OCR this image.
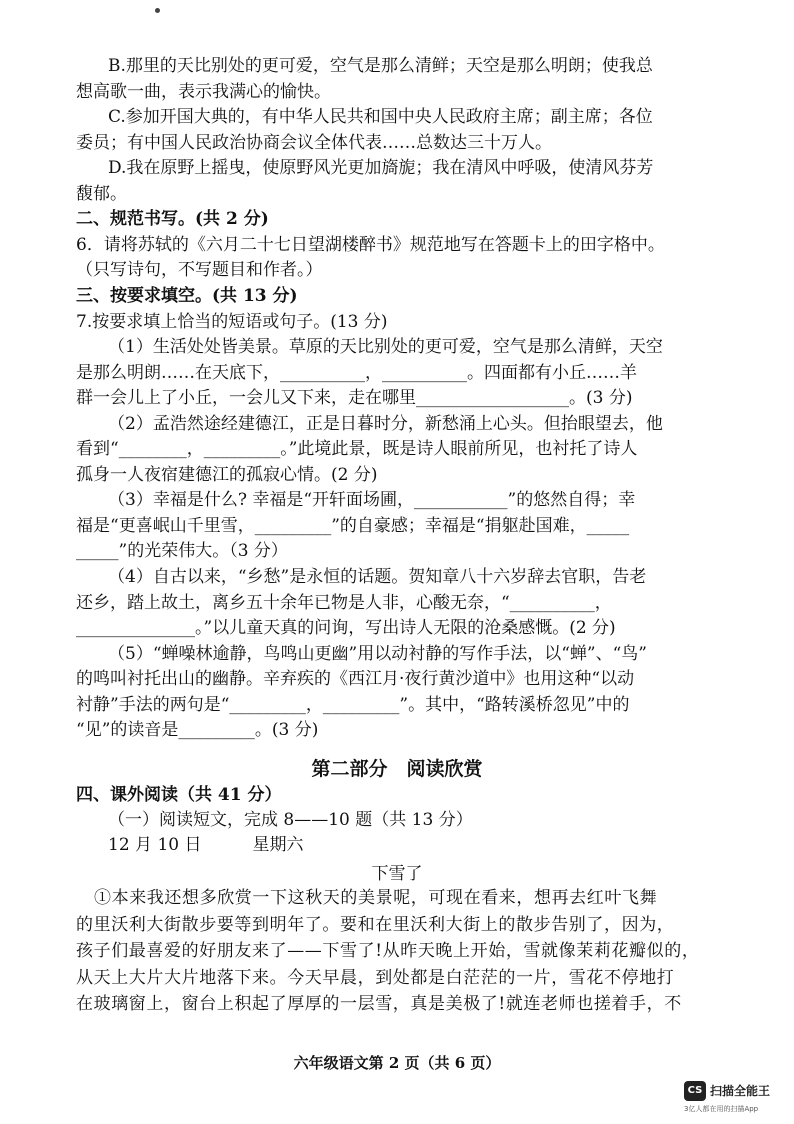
B.那里的天比别处的更可爱，空气是那么清鲜；天空是那么明朗；使我总
想高歌一曲，表示我满心的愉快。
C.参加开国大典的，有中华人民共和国中央人民政府主席；副主席；各位
委员；有中国人民政治协商会议全体代表……总数达三十万人。
D.我在原野上摇曳，使原野风光更加旖旎；我在清风中呼吸，使清风芬芳
馥郁。
二、规范书写。(共 2 分)
6．请将苏轼的《六月二十七日望湖楼醉书》规范地写在答题卡上的田字格中。
（只写诗句，不写题目和作者。）
三、按要求填空。(共 13 分)
7.按要求填上恰当的短语或句子。(13 分)
（1）生活处处皆美景。草原的天比别处的更可爱，空气是那么清鲜，天空
是那么明朗……在天底下，__________，__________。四面都有小丘……羊
群一会儿上了小丘，一会儿又下来，走在哪里__________________。(3 分)
（2）孟浩然途经建德江，正是日暮时分，新愁涌上心头。但抬眼望去，他
看到“________，_________。”此境此景，既是诗人眼前所见，也衬托了诗人
孤身一人夜宿建德江的孤寂心情。(2 分)
（3）幸福是什么? 幸福是“开轩面场圃，___________”的悠然自得；幸
福是“更喜岷山千里雪，_________”的自豪感；幸福是“捐躯赴国难，_____
_____”的光荣伟大。（3 分）
（4）自古以来，“乡愁”是永恒的话题。贺知章八十六岁辞去官职，告老
还乡，踏上故土，离乡五十余年已物是人非，心酸无奈，“__________，
______________。”以儿童天真的问询，写出诗人无限的沧桑感慨。(2 分)
（5）“蝉噪林逾静，鸟鸣山更幽”用以动衬静的写作手法，以“蝉”、“鸟”
的鸣叫衬托出山的幽静。辛弃疾的《西江月·夜行黄沙道中》也用这种“以动
衬静”手法的两句是“_________，_________”。其中，“路转溪桥忽见”中的
“见”的读音是_________。(3 分)
第二部分　阅读欣赏
四、课外阅读（共 41 分）
（一）阅读短文，完成 8——10 题（共 13 分）
12 月 10 日　　　星期六
下雪了
①本来我还想多欣赏一下这秋天的美景呢，可现在看来，想再去红叶飞舞
的里沃利大街散步要等到明年了。要和在里沃利大街上的散步告别了，因为，
孩子们最喜爱的好朋友来了——下雪了!从昨天晚上开始，雪就像茉莉花瓣似的，
从天上大片大片地落下来。今天早晨，到处都是白茫茫的一片，雪花不停地打
在玻璃窗上，窗台上积起了厚厚的一层雪，真是美极了!就连老师也搓着手，不
六年级语文第 2 页（共 6 页）
CS 扫描全能王
3亿人都在用的扫描App
